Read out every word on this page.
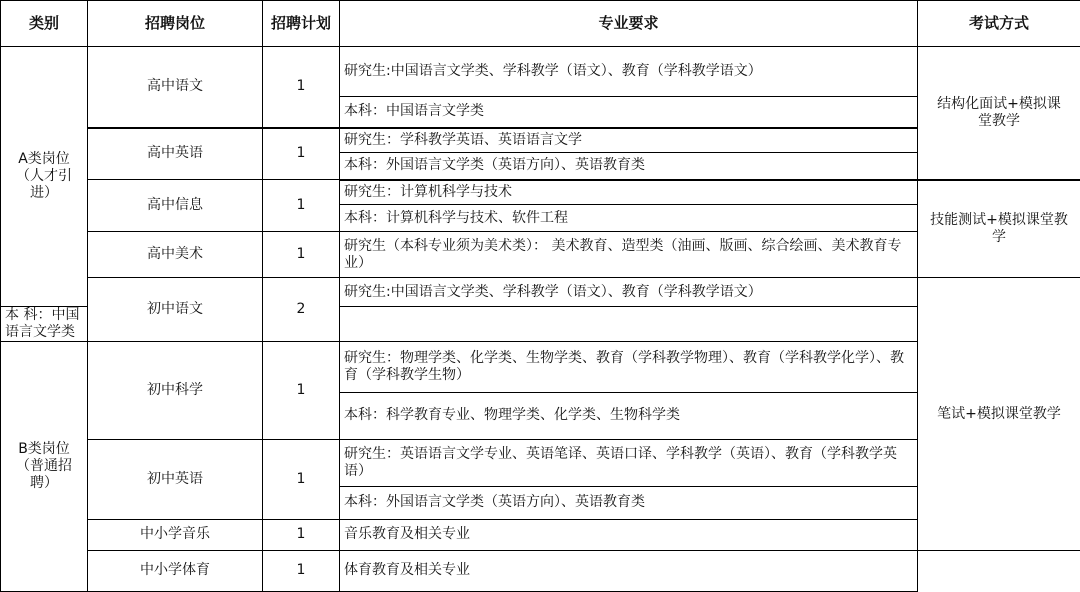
类别	招聘岗位	招聘计划	专业要求	考试方式	
A类岗位（人才引进）	高中语文	1	研究生:中国语言文学类、学科教学（语文）、教育（学科教学语文）	结构化面试+模拟课堂教学	
			本科：中国语言文学类		
	高中英语	1	研究生：学科教学英语、英语语言文学		
			本科：外国语言文学类（英语方向）、英语教育类		
	高中信息	1	研究生：计算机科学与技术	技能测试+模拟课堂教学	
			本科：计算机科学与技术、软件工程		
	高中美术	1	研究生（本科专业须为美术类）： 美术教育、造型类（油画、版画、综合绘画、美术教育专业）		
	初中语文	2	研究生:中国语言文学类、学科教学（语文）、教育（学科教学语文）	笔试+模拟课堂教学	
本 科：中国语言文学类					
B类岗位（普通招聘）	初中科学	1	研究生：物理学类、化学类、生物学类、教育（学科教学物理）、教育（学科教学化学）、教育（学科教学生物）		
			本科：科学教育专业、物理学类、化学类、生物科学类		
	初中英语	1	研究生：英语语言文学专业、英语笔译、英语口译、学科教学（英语）、教育（学科教学英语）		
			本科：外国语言文学类（英语方向）、英语教育类		
	中小学音乐	1	音乐教育及相关专业	
	中小学体育	1	体育教育及相关专业		
